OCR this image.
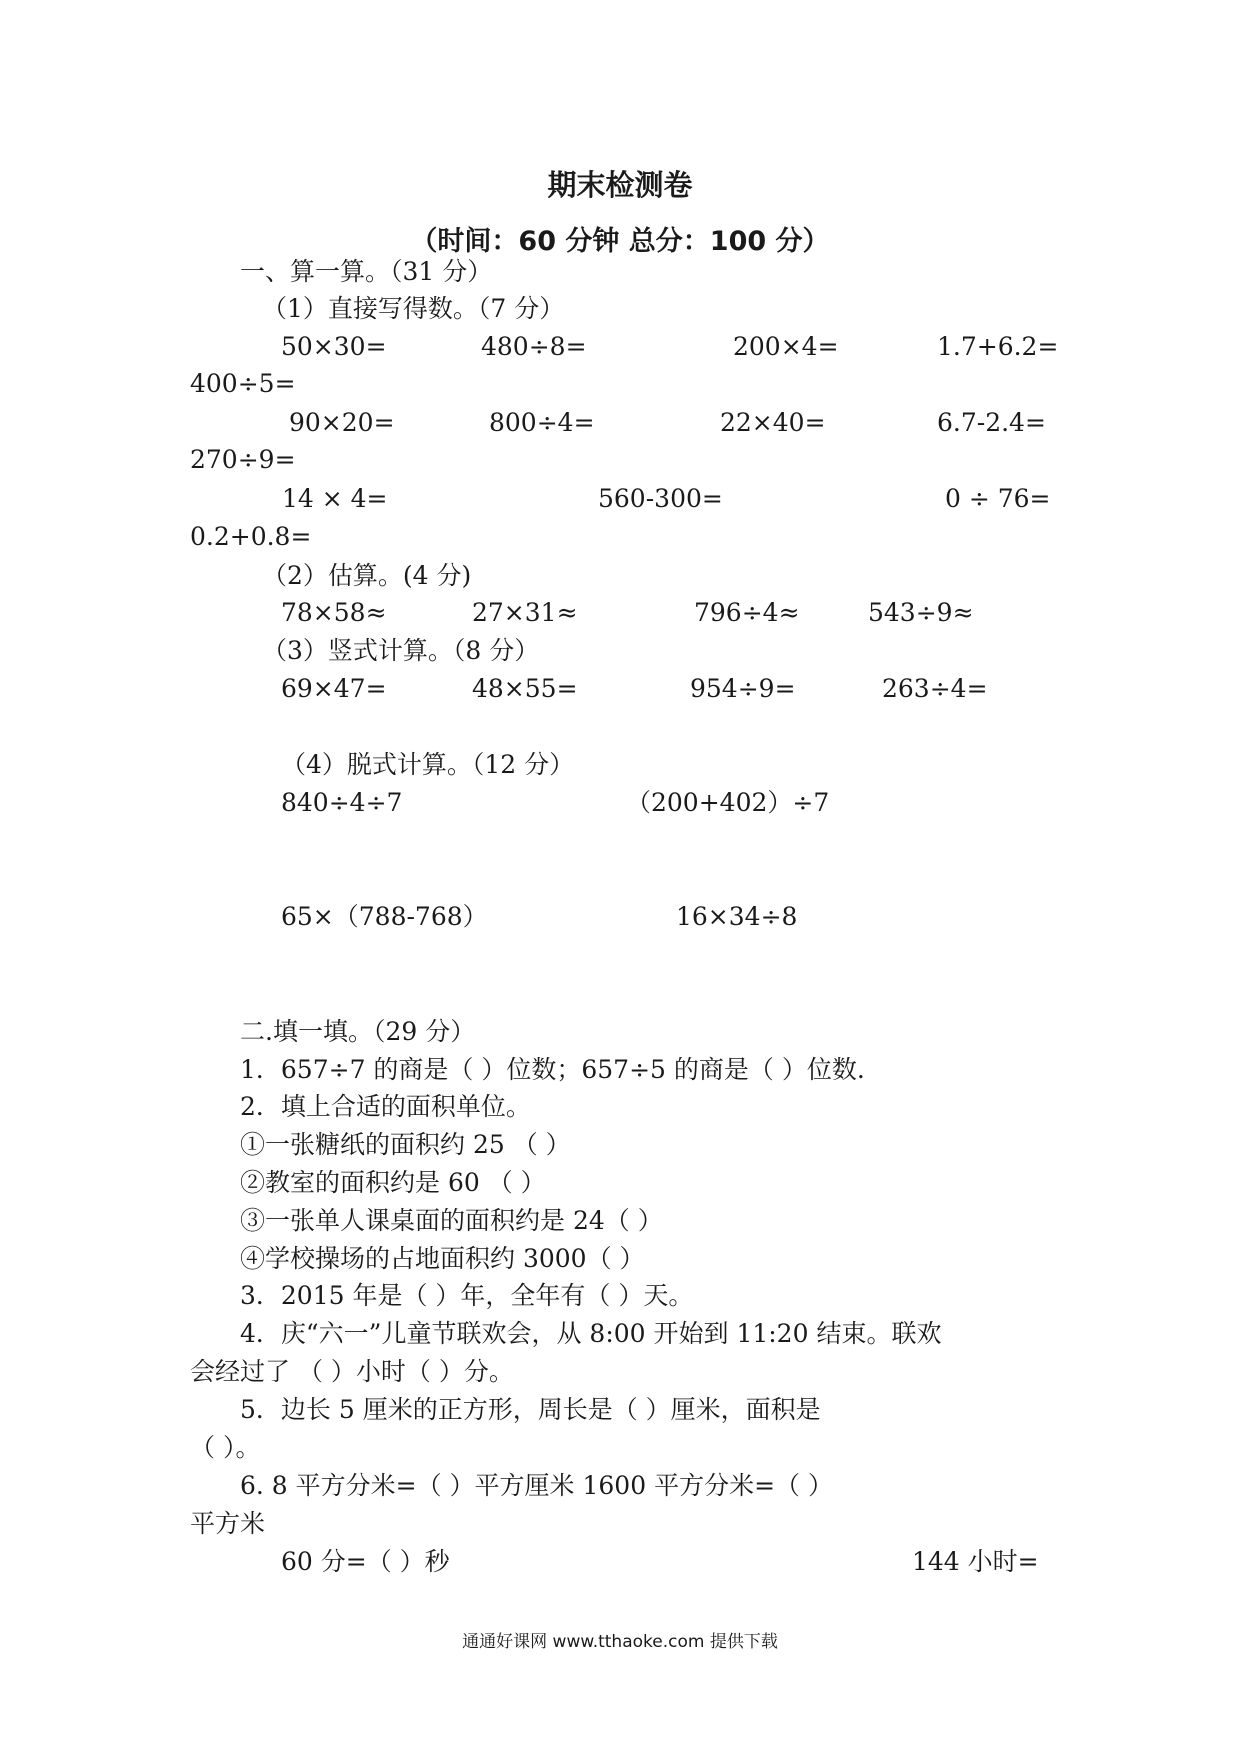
期末检测卷
（时间：60 分钟 总分：100 分）
一、算一算。（31 分）
（1）直接写得数。（7 分）
50×30=	480÷8=	200×4=	1.7+6.2=
400÷5=
90×20=	800÷4=	22×40=	6.7-2.4=
270÷9=
14 × 4=	560-300=	0 ÷ 76=
0.2+0.8=
（2）估算。(4 分)
78×58≈	27×31≈	796÷4≈	543÷9≈
（3）竖式计算。（8 分）
69×47=	48×55=	954÷9=	263÷4=
（4）脱式计算。（12 分）
840÷4÷7	（200+402）÷7
65×（788-768）	16×34÷8
二.填一填。（29 分）
1．657÷7 的商是（ ）位数；657÷5 的商是（ ）位数.
2．填上合适的面积单位。
①一张糖纸的面积约 25 （ ）
②教室的面积约是 60 （ ）
③一张单人课桌面的面积约是 24（ ）
④学校操场的占地面积约 3000（ ）
3．2015 年是（ ）年，全年有（ ）天。
4．庆“六一”儿童节联欢会，从 8:00 开始到 11:20 结束。联欢
会经过了 （ ）小时（ ）分。
5．边长 5 厘米的正方形，周长是（ ）厘米，面积是
（ ）。
6. 8 平方分米=（ ）平方厘米 1600 平方分米=（ ）
平方米
60 分=（ ）秒	144 小时=
通通好课网 www.tthaoke.com 提供下载
